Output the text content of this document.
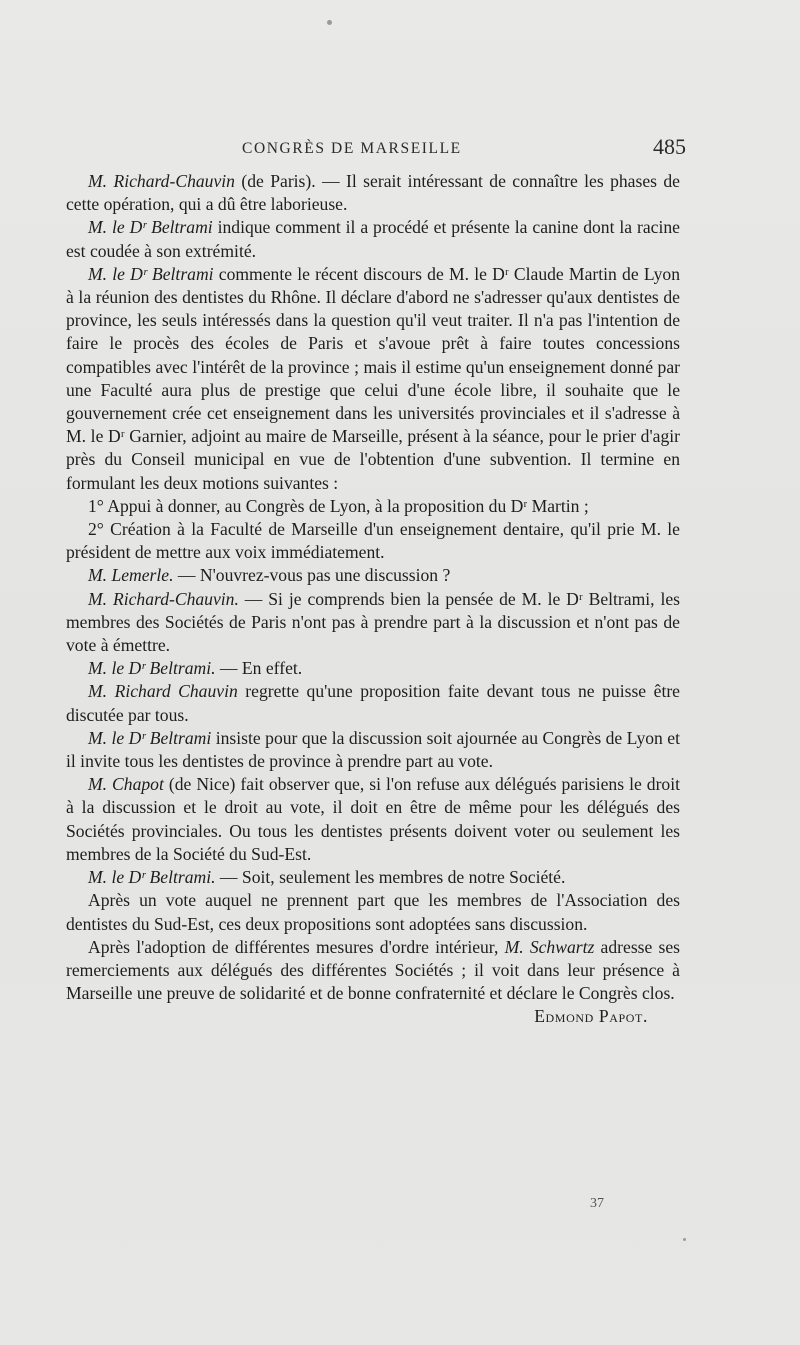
CONGRÈS DE MARSEILLE	485

M. Richard-Chauvin (de Paris). — Il serait intéressant de connaître les phases de cette opération, qui a dû être laborieuse.

M. le Dʳ Beltrami indique comment il a procédé et présente la canine dont la racine est coudée à son extrémité.

M. le Dʳ Beltrami commente le récent discours de M. le Dʳ Claude Martin de Lyon à la réunion des dentistes du Rhône. Il déclare d'abord ne s'adresser qu'aux dentistes de province, les seuls intéressés dans la question qu'il veut traiter. Il n'a pas l'intention de faire le procès des écoles de Paris et s'avoue prêt à faire toutes concessions compatibles avec l'intérêt de la province ; mais il estime qu'un enseignement donné par une Faculté aura plus de prestige que celui d'une école libre, il souhaite que le gouvernement crée cet enseignement dans les universités provinciales et il s'adresse à M. le Dʳ Garnier, adjoint au maire de Marseille, présent à la séance, pour le prier d'agir près du Conseil municipal en vue de l'obtention d'une subvention. Il termine en formulant les deux motions suivantes :

1° Appui à donner, au Congrès de Lyon, à la proposition du Dʳ Martin ;

2° Création à la Faculté de Marseille d'un enseignement dentaire, qu'il prie M. le président de mettre aux voix immédiatement.

M. Lemerle. — N'ouvrez-vous pas une discussion ?

M. Richard-Chauvin. — Si je comprends bien la pensée de M. le Dʳ Beltrami, les membres des Sociétés de Paris n'ont pas à prendre part à la discussion et n'ont pas de vote à émettre.

M. le Dʳ Beltrami. — En effet.

M. Richard Chauvin regrette qu'une proposition faite devant tous ne puisse être discutée par tous.

M. le Dʳ Beltrami insiste pour que la discussion soit ajournée au Congrès de Lyon et il invite tous les dentistes de province à prendre part au vote.

M. Chapot (de Nice) fait observer que, si l'on refuse aux délégués parisiens le droit à la discussion et le droit au vote, il doit en être de même pour les délégués des Sociétés provinciales. Ou tous les dentistes présents doivent voter ou seulement les membres de la Société du Sud-Est.

M. le Dʳ Beltrami. — Soit, seulement les membres de notre Société.

Après un vote auquel ne prennent part que les membres de l'Association des dentistes du Sud-Est, ces deux propositions sont adoptées sans discussion.

Après l'adoption de différentes mesures d'ordre intérieur, M. Schwartz adresse ses remerciements aux délégués des différentes Sociétés ; il voit dans leur présence à Marseille une preuve de solidarité et de bonne confraternité et déclare le Congrès clos.

Edmond Papot.

37
